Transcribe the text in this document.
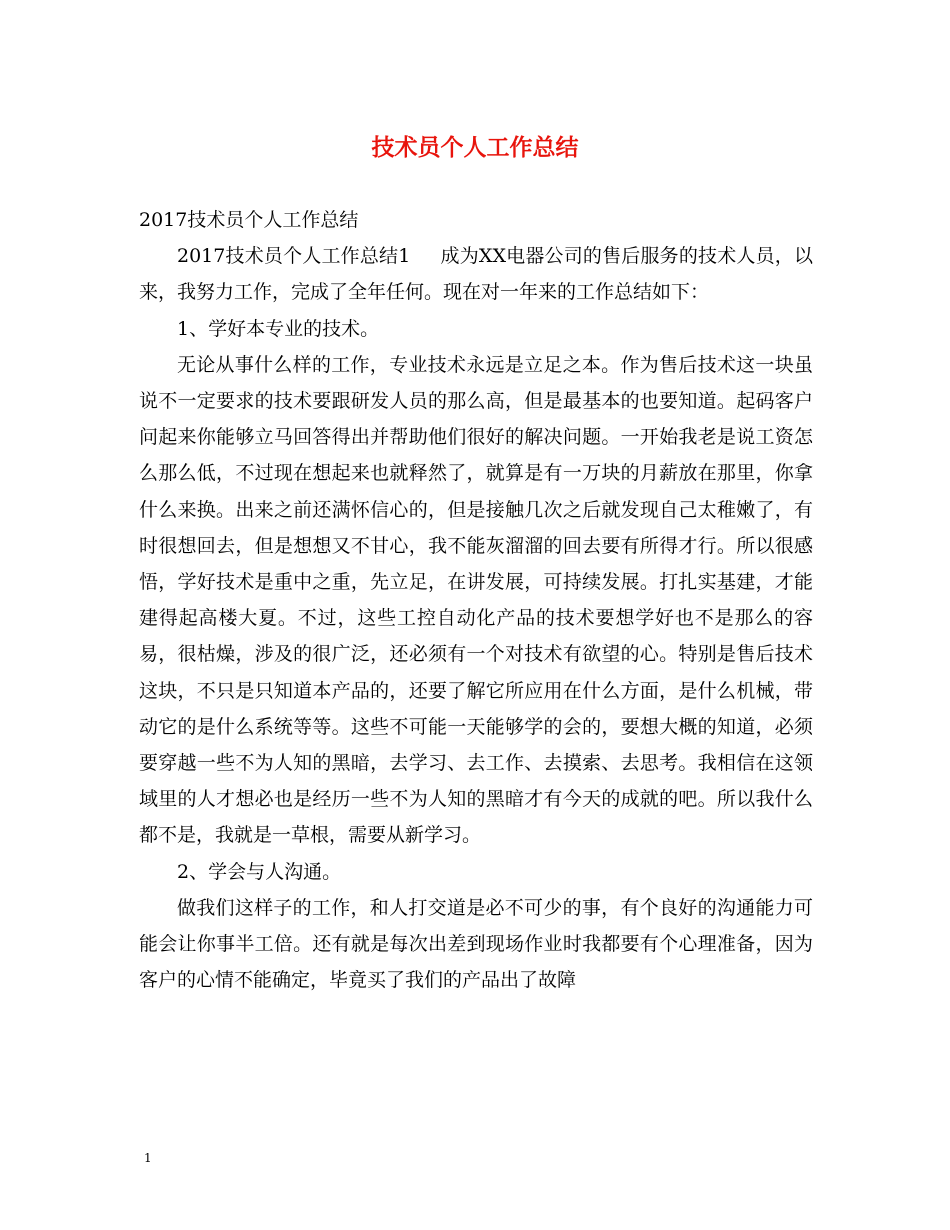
技术员个人工作总结

2017技术员个人工作总结

2017技术员个人工作总结1 成为XX电器公司的售后服务的技术人员，以来，我努力工作，完成了全年任何。现在对一年来的工作总结如下：

1、学好本专业的技术。

无论从事什么样的工作，专业技术永远是立足之本。作为售后技术这一块虽说不一定要求的技术要跟研发人员的那么高，但是最基本的也要知道。起码客户问起来你能够立马回答得出并帮助他们很好的解决问题。一开始我老是说工资怎么那么低，不过现在想起来也就释然了，就算是有一万块的月薪放在那里，你拿什么来换。出来之前还满怀信心的，但是接触几次之后就发现自己太稚嫩了，有时很想回去，但是想想又不甘心，我不能灰溜溜的回去要有所得才行。所以很感悟，学好技术是重中之重，先立足，在讲发展，可持续发展。打扎实基建，才能建得起高楼大夏。不过，这些工控自动化产品的技术要想学好也不是那么的容易，很枯燥，涉及的很广泛，还必须有一个对技术有欲望的心。特别是售后技术这块，不只是只知道本产品的，还要了解它所应用在什么方面，是什么机械，带动它的是什么系统等等。这些不可能一天能够学的会的，要想大概的知道，必须要穿越一些不为人知的黑暗，去学习、去工作、去摸索、去思考。我相信在这领域里的人才想必也是经历一些不为人知的黑暗才有今天的成就的吧。所以我什么都不是，我就是一草根，需要从新学习。

2、学会与人沟通。

做我们这样子的工作，和人打交道是必不可少的事，有个良好的沟通能力可能会让你事半工倍。还有就是每次出差到现场作业时我都要有个心理准备，因为客户的心情不能确定，毕竟买了我们的产品出了故障

1
